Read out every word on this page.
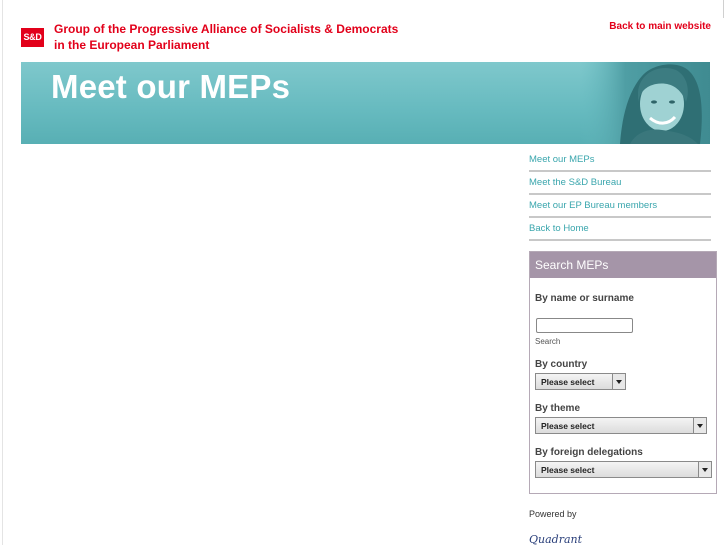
S&D
Group of the Progressive Alliance of Socialists & Democrats
in the European Parliament
Back to main website
Meet our MEPs
Meet our MEPs
Meet the S&D Bureau
Meet our EP Bureau members
Back to Home
Search MEPs
By name or surname
Search
By country
Please select
By theme
Please select
By foreign delegations
Please select
Powered by
Quadrant
